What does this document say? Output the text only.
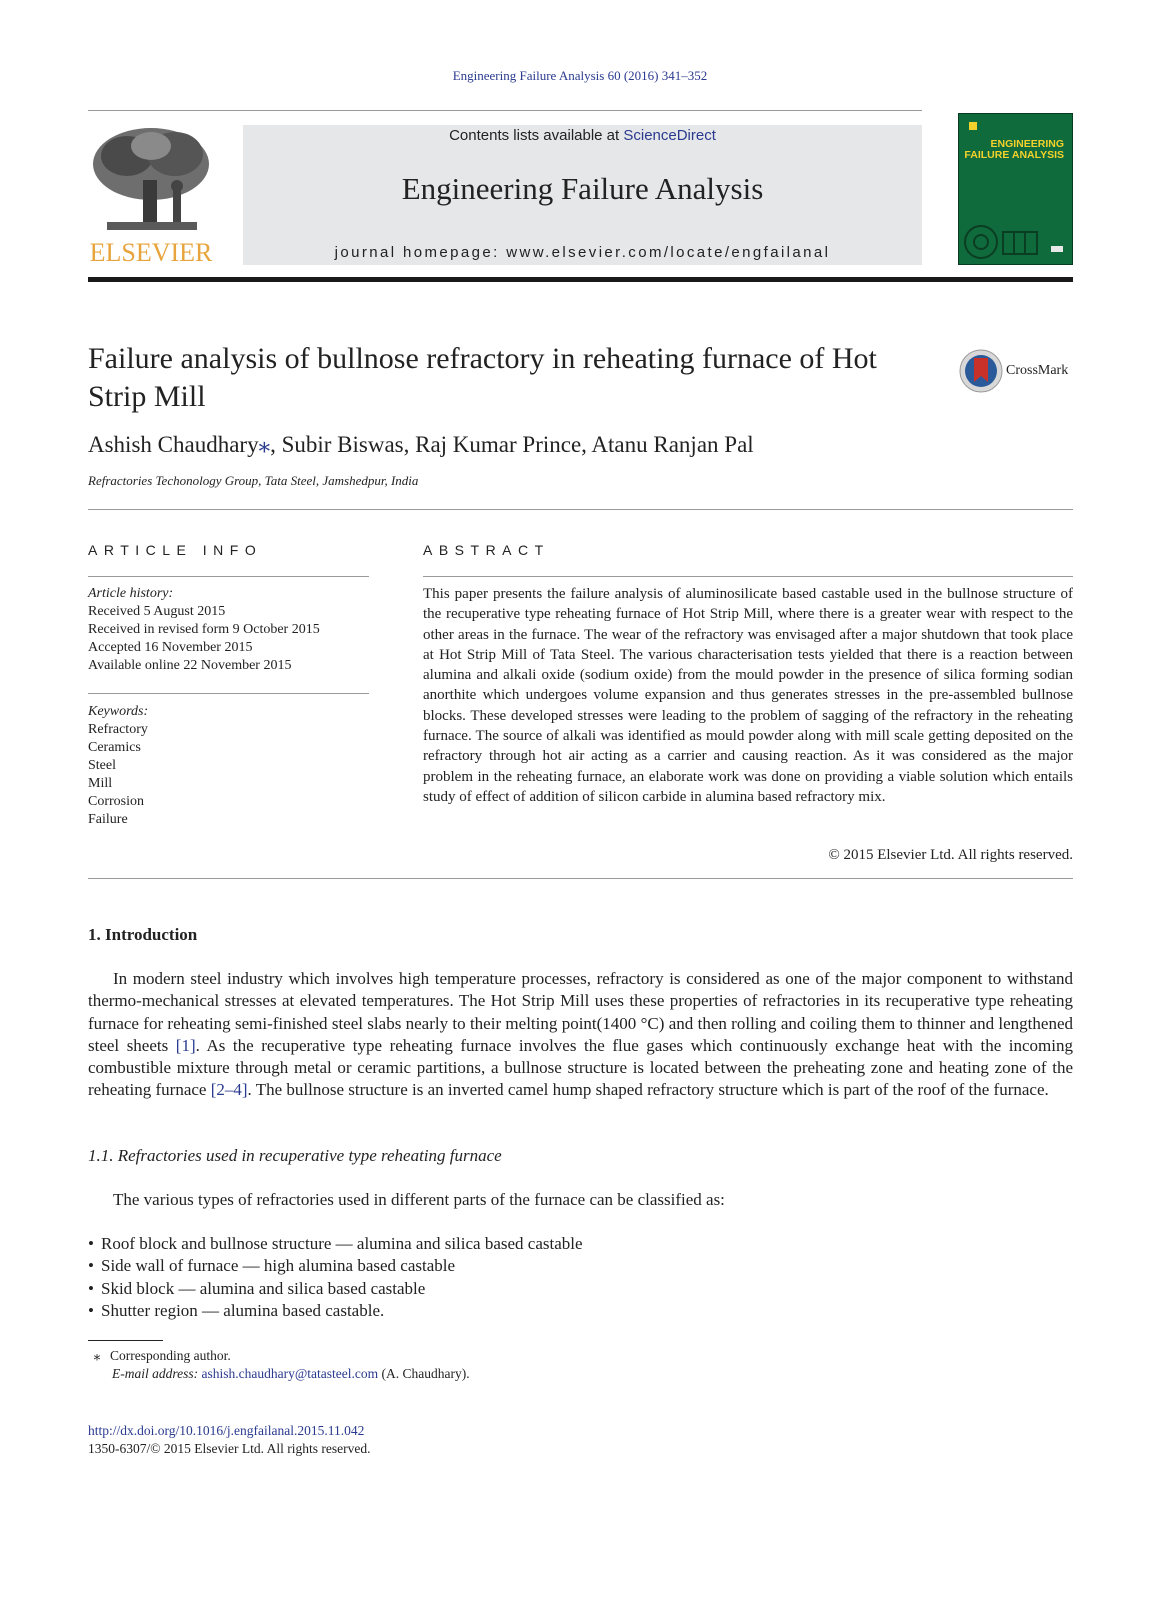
Engineering Failure Analysis 60 (2016) 341–352
ELSEVIER
Contents lists available at ScienceDirect
Engineering Failure Analysis
journal homepage: www.elsevier.com/locate/engfailanal
ENGINEERING FAILURE ANALYSIS
Failure analysis of bullnose refractory in reheating furnace of Hot Strip Mill
CrossMark
Ashish Chaudhary⁎, Subir Biswas, Raj Kumar Prince, Atanu Ranjan Pal
Refractories Techonology Group, Tata Steel, Jamshedpur, India
ARTICLE INFO
Article history:
Received 5 August 2015
Received in revised form 9 October 2015
Accepted 16 November 2015
Available online 22 November 2015
Keywords:
Refractory
Ceramics
Steel
Mill
Corrosion
Failure
ABSTRACT
This paper presents the failure analysis of aluminosilicate based castable used in the bullnose structure of the recuperative type reheating furnace of Hot Strip Mill, where there is a greater wear with respect to the other areas in the furnace. The wear of the refractory was envisaged after a major shutdown that took place at Hot Strip Mill of Tata Steel. The various characterisation tests yielded that there is a reaction between alumina and alkali oxide (sodium oxide) from the mould powder in the presence of silica forming sodian anorthite which undergoes volume expansion and thus generates stresses in the pre-assembled bullnose blocks. These developed stresses were leading to the problem of sagging of the refractory in the reheating furnace. The source of alkali was identified as mould powder along with mill scale getting deposited on the refractory through hot air acting as a carrier and causing reaction. As it was considered as the major problem in the reheating furnace, an elaborate work was done on providing a viable solution which entails study of effect of addition of silicon carbide in alumina based refractory mix.
© 2015 Elsevier Ltd. All rights reserved.
1. Introduction
In modern steel industry which involves high temperature processes, refractory is considered as one of the major component to withstand thermo-mechanical stresses at elevated temperatures. The Hot Strip Mill uses these properties of refractories in its recuperative type reheating furnace for reheating semi-finished steel slabs nearly to their melting point(1400 °C) and then rolling and coiling them to thinner and lengthened steel sheets [1]. As the recuperative type reheating furnace involves the flue gases which continuously exchange heat with the incoming combustible mixture through metal or ceramic partitions, a bullnose structure is located between the preheating zone and heating zone of the reheating furnace [2–4]. The bullnose structure is an inverted camel hump shaped refractory structure which is part of the roof of the furnace.
1.1. Refractories used in recuperative type reheating furnace
The various types of refractories used in different parts of the furnace can be classified as:
• Roof block and bullnose structure — alumina and silica based castable
• Side wall of furnace — high alumina based castable
• Skid block — alumina and silica based castable
• Shutter region — alumina based castable.
⁎ Corresponding author.
E-mail address: ashish.chaudhary@tatasteel.com (A. Chaudhary).
http://dx.doi.org/10.1016/j.engfailanal.2015.11.042
1350-6307/© 2015 Elsevier Ltd. All rights reserved.
